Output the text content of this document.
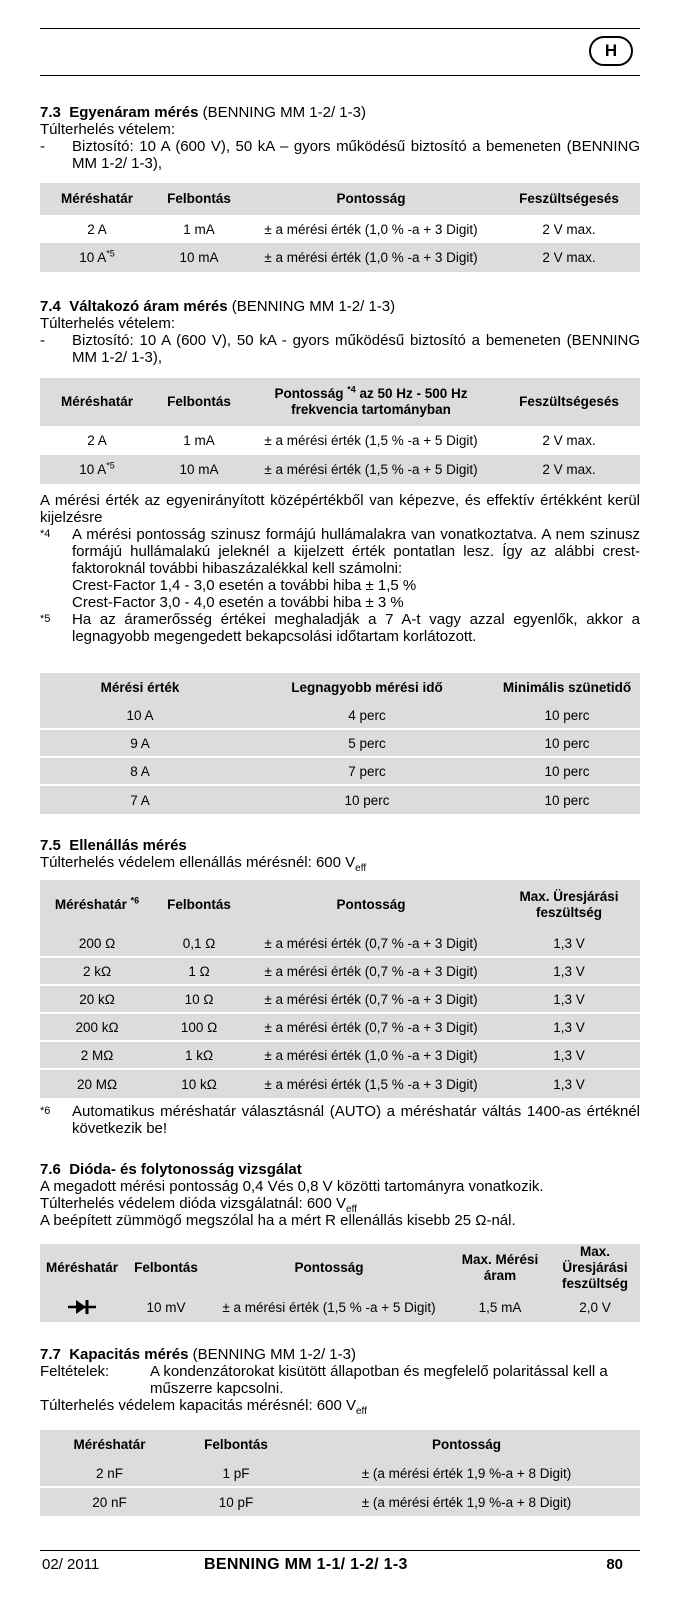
H

7.3 Egyenáram mérés (BENNING MM 1-2/ 1-3)

Túlterhelés vételem:

- Biztosító: 10 A (600 V), 50 kA – gyors működésű biztosító a bemeneten (BENNING MM 1-2/ 1-3),
Méréshatár	Felbontás	Pontosság	Feszültségesés
2 A	1 mA	± a mérési érték (1,0 % -a + 3 Digit)	2 V max.
10 $A^{*5}$	10 mA	± a mérési érték (1,0 % -a + 3 Digit)	2 V max.

7.4 Váltakozó áram mérés (BENNING MM 1-2/ 1-3)

Túlterhelés vételem:

- Biztosító: 10 A (600 V), 50 kA - gyors működésű biztosító a bemeneten (BENNING MM 1-2/ 1-3),
Méréshatár	Felbontás	Pontosság $^{*4}$ az 50 Hz - 500 Hz
frekvencia tartományban	Feszültségesés
2 A	1 mA	± a mérési érték (1,5 % -a + 5 Digit)	2 V max.
10 $A^{*5}$	10 mA	± a mérési érték (1,5 % -a + 5 Digit)	2 V max.

A mérési érték az egyenirányított középértékből van képezve, és effektív értékként kerül kijelzésre

*4 A mérési pontosság szinusz formájú hullámalakra van vonatkoztatva. A nem szinusz formájú hullámalakú jeleknél a kijelzett érték pontatlan lesz. Így az alábbi crest-faktoroknál további hibaszázalékkal kell számolni:
Crest-Factor 1,4 - 3,0 esetén a további hiba ± 1,5 %
Crest-Factor 3,0 - 4,0 esetén a további hiba ± 3 %
*5 Ha az áramerősség értékei meghaladják a 7 A-t vagy azzal egyenlők, akkor a legnagyobb megengedett bekapcsolási időtartam korlátozott.
Mérési érték	Legnagyobb mérési idő	Minimális szünetidő
10 A	4 perc	10 perc
9 A	5 perc	10 perc
8 A	7 perc	10 perc
7 A	10 perc	10 perc

7.5 Ellenállás mérés

Túlterhelés védelem ellenállás mérésnél: 600 $V_{eff}$

Méréshatár $^{*6}$	Felbontás	Pontosság	Max. Üresjárási
feszültség
200 Ω	0,1 Ω	± a mérési érték (0,7 % -a + 3 Digit)	1,3 V
2 kΩ	1 Ω	± a mérési érték (0,7 % -a + 3 Digit)	1,3 V
20 kΩ	10 Ω	± a mérési érték (0,7 % -a + 3 Digit)	1,3 V
200 kΩ	100 Ω	± a mérési érték (0,7 % -a + 3 Digit)	1,3 V
2 MΩ	1 kΩ	± a mérési érték (1,0 % -a + 3 Digit)	1,3 V
20 MΩ	10 kΩ	± a mérési érték (1,5 % -a + 3 Digit)	1,3 V
*6 Automatikus méréshatár választásnál (AUTO) a méréshatár váltás 1400-as értéknél következik be!

7.6 Dióda- és folytonosság vizsgálat

A megadott mérési pontosság 0,4 Vés 0,8 V közötti tartományra vonatkozik.

Túlterhelés védelem dióda vizsgálatnál: 600 $V_{eff}$

A beépített zümmögő megszólal ha a mért R ellenállás kisebb 25 Ω-nál.

Méréshatár	Felbontás	Pontosság	Max. Mérési
áram	Max. Üresjárási
feszültség
	10 mV	± a mérési érték (1,5 % -a + 5 Digit)	1,5 mA	2,0 V

7.7 Kapacitás mérés (BENNING MM 1-2/ 1-3)

Feltételek:	A kondenzátorokat kisütött állapotban és megfelelő polaritással kell a műszerre kapcsolni.

Túlterhelés védelem kapacitás mérésnél: 600 $V_{eff}$

Méréshatár	Felbontás	Pontosság
2 nF	1 pF	± (a mérési érték 1,9 %-a + 8 Digit)
20 nF	10 pF	± (a mérési érték 1,9 %-a + 8 Digit)
02/ 2011	BENNING MM 1-1/ 1-2/ 1-3	80
